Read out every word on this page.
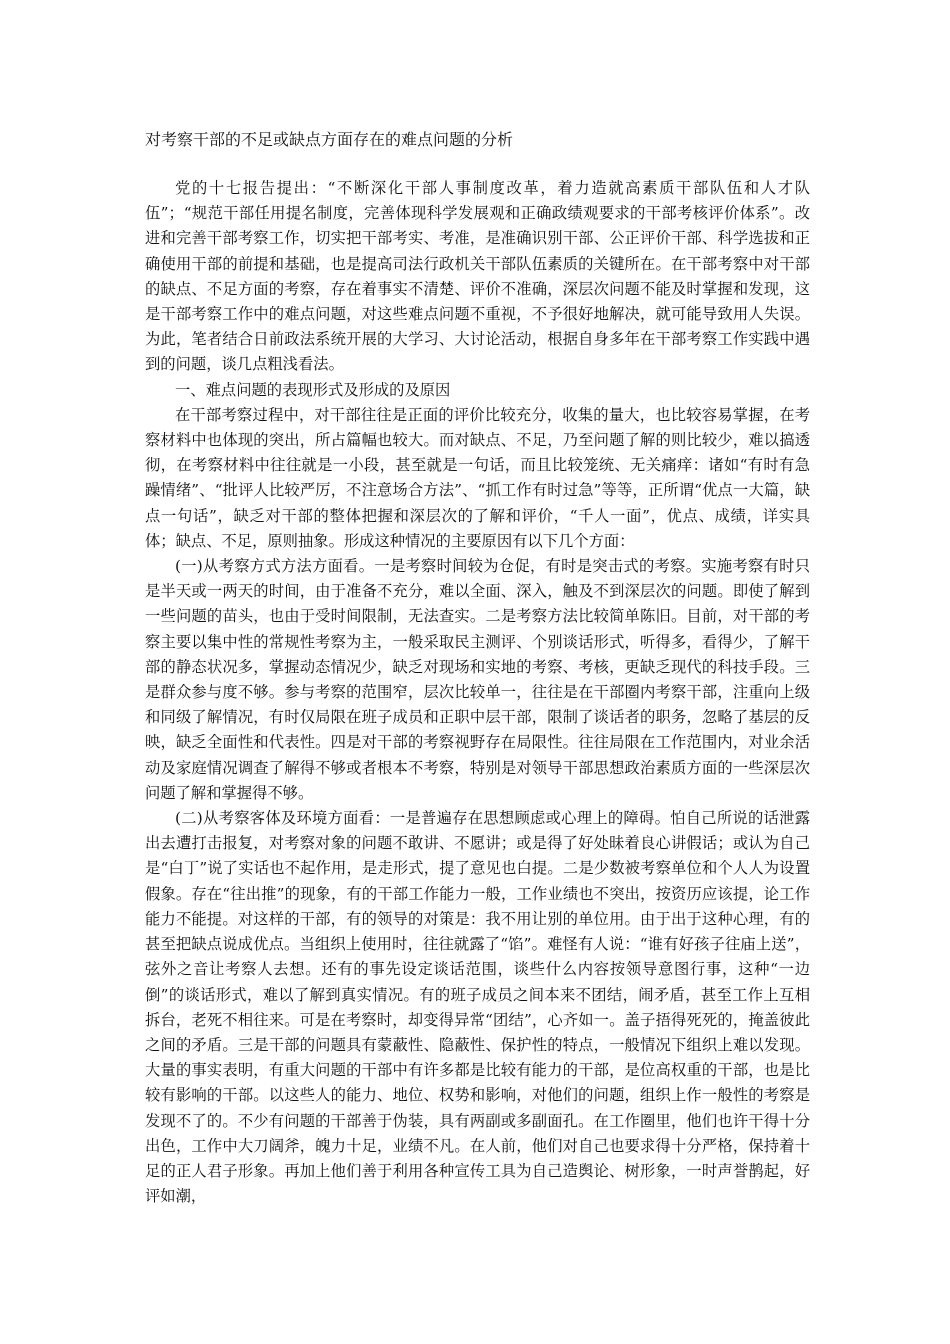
对考察干部的不足或缺点方面存在的难点问题的分析

党的十七报告提出：“不断深化干部人事制度改革，着力造就高素质干部队伍和人才队伍”；“规范干部任用提名制度，完善体现科学发展观和正确政绩观要求的干部考核评价体系”。改进和完善干部考察工作，切实把干部考实、考准，是准确识别干部、公正评价干部、科学选拔和正确使用干部的前提和基础，也是提高司法行政机关干部队伍素质的关键所在。在干部考察中对干部的缺点、不足方面的考察，存在着事实不清楚、评价不准确，深层次问题不能及时掌握和发现，这是干部考察工作中的难点问题，对这些难点问题不重视，不予很好地解决，就可能导致用人失误。为此，笔者结合日前政法系统开展的大学习、大讨论活动，根据自身多年在干部考察工作实践中遇到的问题，谈几点粗浅看法。

一、难点问题的表现形式及形成的及原因

在干部考察过程中，对干部往往是正面的评价比较充分，收集的量大，也比较容易掌握，在考察材料中也体现的突出，所占篇幅也较大。而对缺点、不足，乃至问题了解的则比较少，难以搞透彻，在考察材料中往往就是一小段，甚至就是一句话，而且比较笼统、无关痛痒：诸如“有时有急躁情绪”、“批评人比较严厉，不注意场合方法”、“抓工作有时过急”等等，正所谓“优点一大篇，缺点一句话”，缺乏对干部的整体把握和深层次的了解和评价，“千人一面”，优点、成绩，详实具体；缺点、不足，原则抽象。形成这种情况的主要原因有以下几个方面：

(一)从考察方式方法方面看。一是考察时间较为仓促，有时是突击式的考察。实施考察有时只是半天或一两天的时间，由于准备不充分，难以全面、深入，触及不到深层次的问题。即使了解到一些问题的苗头，也由于受时间限制，无法查实。二是考察方法比较简单陈旧。目前，对干部的考察主要以集中性的常规性考察为主，一般采取民主测评、个别谈话形式，听得多，看得少，了解干部的静态状况多，掌握动态情况少，缺乏对现场和实地的考察、考核，更缺乏现代的科技手段。三是群众参与度不够。参与考察的范围窄，层次比较单一，往往是在干部圈内考察干部，注重向上级和同级了解情况，有时仅局限在班子成员和正职中层干部，限制了谈话者的职务，忽略了基层的反映，缺乏全面性和代表性。四是对干部的考察视野存在局限性。往往局限在工作范围内，对业余活动及家庭情况调查了解得不够或者根本不考察，特别是对领导干部思想政治素质方面的一些深层次问题了解和掌握得不够。

(二)从考察客体及环境方面看：一是普遍存在思想顾虑或心理上的障碍。怕自己所说的话泄露出去遭打击报复，对考察对象的问题不敢讲、不愿讲；或是得了好处昧着良心讲假话；或认为自己是“白丁”说了实话也不起作用，是走形式，提了意见也白提。二是少数被考察单位和个人人为设置假象。存在“往出推”的现象，有的干部工作能力一般，工作业绩也不突出，按资历应该提，论工作能力不能提。对这样的干部，有的领导的对策是：我不用让别的单位用。由于出于这种心理，有的甚至把缺点说成优点。当组织上使用时，往往就露了“馅”。难怪有人说：“谁有好孩子往庙上送”，弦外之音让考察人去想。还有的事先设定谈话范围，谈些什么内容按领导意图行事，这种“一边倒”的谈话形式，难以了解到真实情况。有的班子成员之间本来不团结，闹矛盾，甚至工作上互相拆台，老死不相往来。可是在考察时，却变得异常“团结”，心齐如一。盖子捂得死死的，掩盖彼此之间的矛盾。三是干部的问题具有蒙蔽性、隐蔽性、保护性的特点，一般情况下组织上难以发现。大量的事实表明，有重大问题的干部中有许多都是比较有能力的干部，是位高权重的干部，也是比较有影响的干部。以这些人的能力、地位、权势和影响，对他们的问题，组织上作一般性的考察是发现不了的。不少有问题的干部善于伪装，具有两副或多副面孔。在工作圈里，他们也许干得十分出色，工作中大刀阔斧，魄力十足，业绩不凡。在人前，他们对自己也要求得十分严格，保持着十足的正人君子形象。再加上他们善于利用各种宣传工具为自己造舆论、树形象，一时声誉鹊起，好评如潮，
